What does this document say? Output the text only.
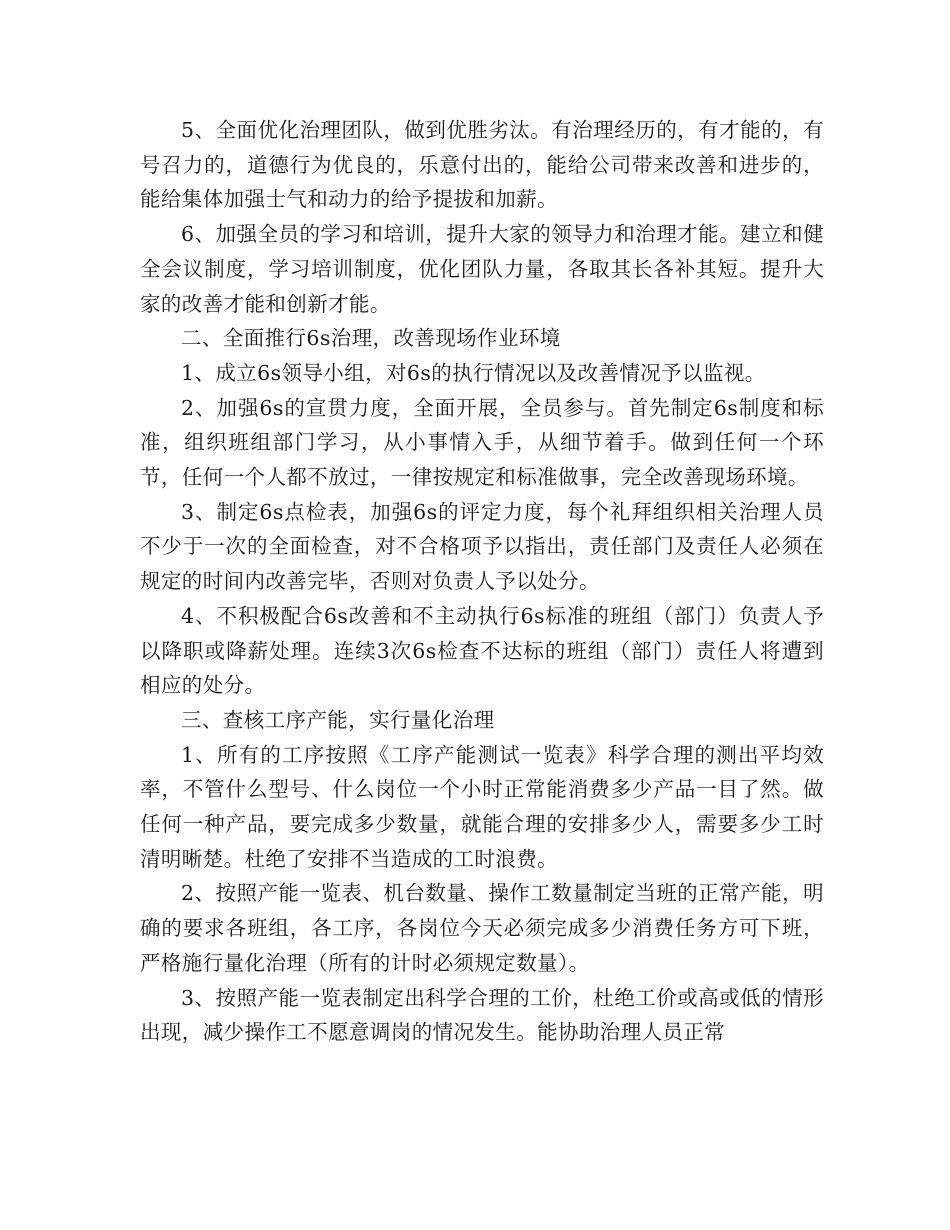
5、全面优化治理团队，做到优胜劣汰。有治理经历的，有才能的，有号召力的，道德行为优良的，乐意付出的，能给公司带来改善和进步的，能给集体加强士气和动力的给予提拔和加薪。

6、加强全员的学习和培训，提升大家的领导力和治理才能。建立和健全会议制度，学习培训制度，优化团队力量，各取其长各补其短。提升大家的改善才能和创新才能。

二、全面推行6s治理，改善现场作业环境

1、成立6s领导小组，对6s的执行情况以及改善情况予以监视。

2、加强6s的宣贯力度，全面开展，全员参与。首先制定6s制度和标准，组织班组部门学习，从小事情入手，从细节着手。做到任何一个环节，任何一个人都不放过，一律按规定和标准做事，完全改善现场环境。

3、制定6s点检表，加强6s的评定力度，每个礼拜组织相关治理人员不少于一次的全面检查，对不合格项予以指出，责任部门及责任人必须在规定的时间内改善完毕，否则对负责人予以处分。

4、不积极配合6s改善和不主动执行6s标准的班组（部门）负责人予以降职或降薪处理。连续3次6s检查不达标的班组（部门）责任人将遭到相应的处分。

三、查核工序产能，实行量化治理

1、所有的工序按照《工序产能测试一览表》科学合理的测出平均效率，不管什么型号、什么岗位一个小时正常能消费多少产品一目了然。做任何一种产品，要完成多少数量，就能合理的安排多少人，需要多少工时清明晰楚。杜绝了安排不当造成的工时浪费。

2、按照产能一览表、机台数量、操作工数量制定当班的正常产能，明确的要求各班组，各工序，各岗位今天必须完成多少消费任务方可下班，严格施行量化治理（所有的计时必须规定数量）。

3、按照产能一览表制定出科学合理的工价，杜绝工价或高或低的情形出现，减少操作工不愿意调岗的情况发生。能协助治理人员正常
